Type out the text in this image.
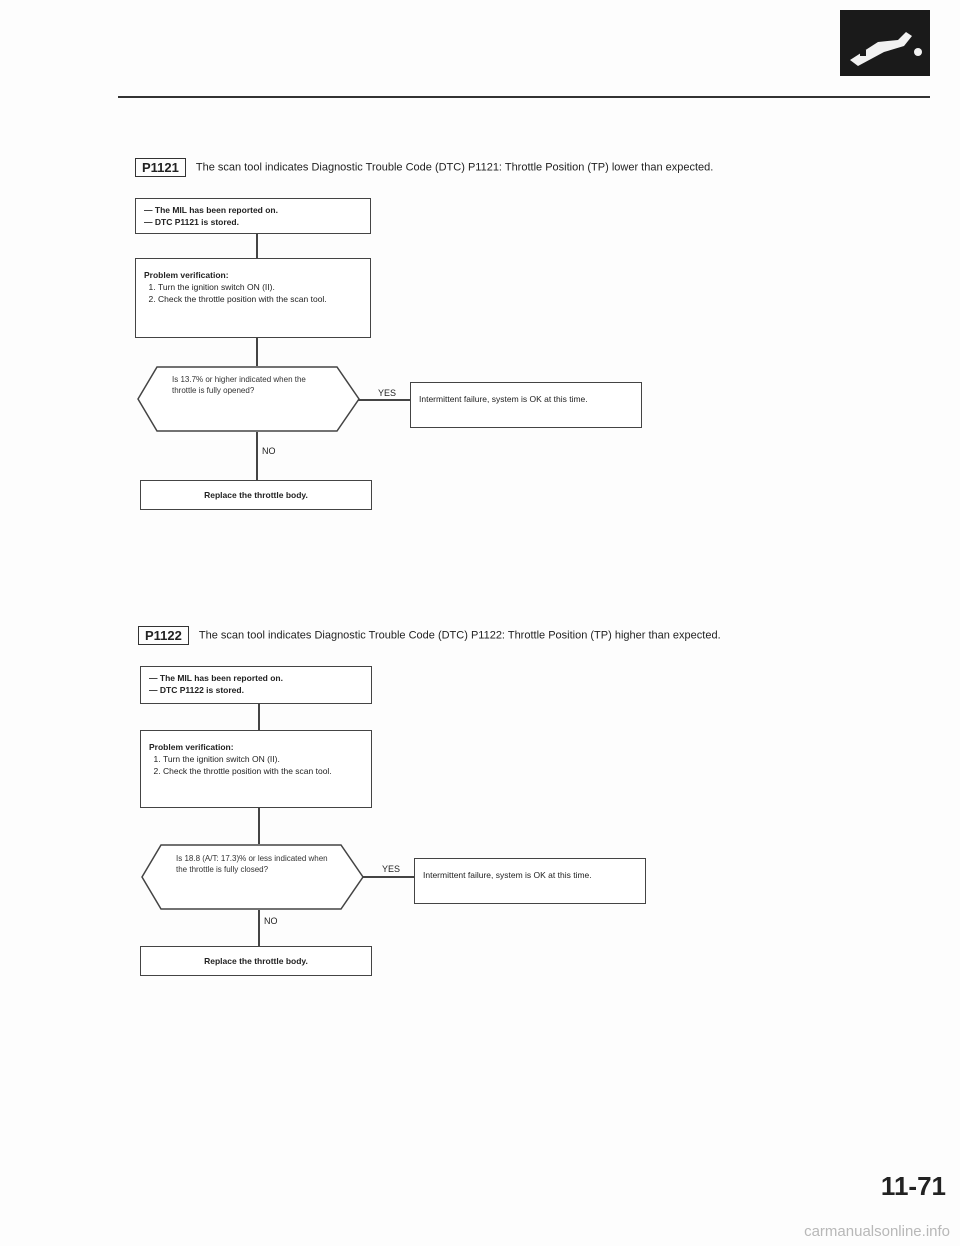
P1121 The scan tool indicates Diagnostic Trouble Code (DTC) P1121: Throttle Position (TP) lower than expected.
— The MIL has been reported on.
— DTC P1121 is stored.
Problem verification:
1. Turn the ignition switch ON (II).
2. Check the throttle position with the scan tool.
Is 13.7% or higher indicated when the throttle is fully opened?	YES
Intermittent failure, system is OK at this time.
NO
Replace the throttle body.
P1122 The scan tool indicates Diagnostic Trouble Code (DTC) P1122: Throttle Position (TP) higher than expected.
— The MIL has been reported on.
— DTC P1122 is stored.
Problem verification:
1. Turn the ignition switch ON (II).
2. Check the throttle position with the scan tool.
Is 18.8 (A/T: 17.3)% or less indicated when the throttle is fully closed?	YES
Intermittent failure, system is OK at this time.
NO
Replace the throttle body.
11-71
carmanualsonline.info
